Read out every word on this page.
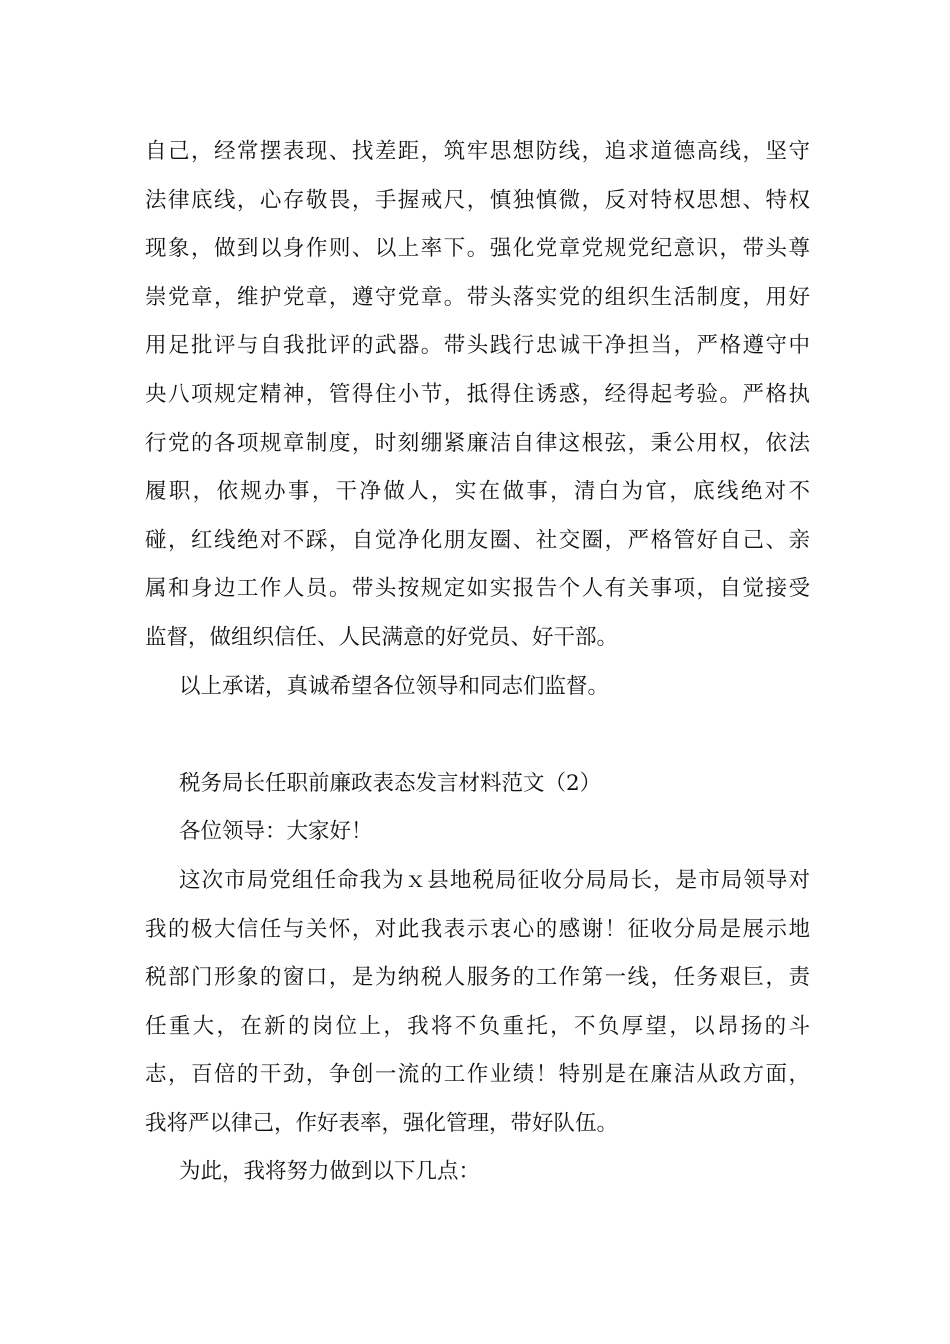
自己，经常摆表现、找差距，筑牢思想防线，追求道德高线，坚守
法律底线，心存敬畏，手握戒尺，慎独慎微，反对特权思想、特权
现象，做到以身作则、以上率下。强化党章党规党纪意识，带头尊
崇党章，维护党章，遵守党章。带头落实党的组织生活制度，用好
用足批评与自我批评的武器。带头践行忠诚干净担当，严格遵守中
央八项规定精神，管得住小节，抵得住诱惑，经得起考验。严格执
行党的各项规章制度，时刻绷紧廉洁自律这根弦，秉公用权，依法
履职，依规办事，干净做人，实在做事，清白为官，底线绝对不
碰，红线绝对不踩，自觉净化朋友圈、社交圈，严格管好自己、亲
属和身边工作人员。带头按规定如实报告个人有关事项，自觉接受
监督，做组织信任、人民满意的好党员、好干部。
以上承诺，真诚希望各位领导和同志们监督。
税务局长任职前廉政表态发言材料范文（2）
各位领导：大家好！
这次市局党组任命我为ｘ县地税局征收分局局长，是市局领导对
我的极大信任与关怀，对此我表示衷心的感谢！征收分局是展示地
税部门形象的窗口，是为纳税人服务的工作第一线，任务艰巨，责
任重大，在新的岗位上，我将不负重托，不负厚望，以昂扬的斗
志，百倍的干劲，争创一流的工作业绩！特别是在廉洁从政方面，
我将严以律己，作好表率，强化管理，带好队伍。
为此，我将努力做到以下几点：
